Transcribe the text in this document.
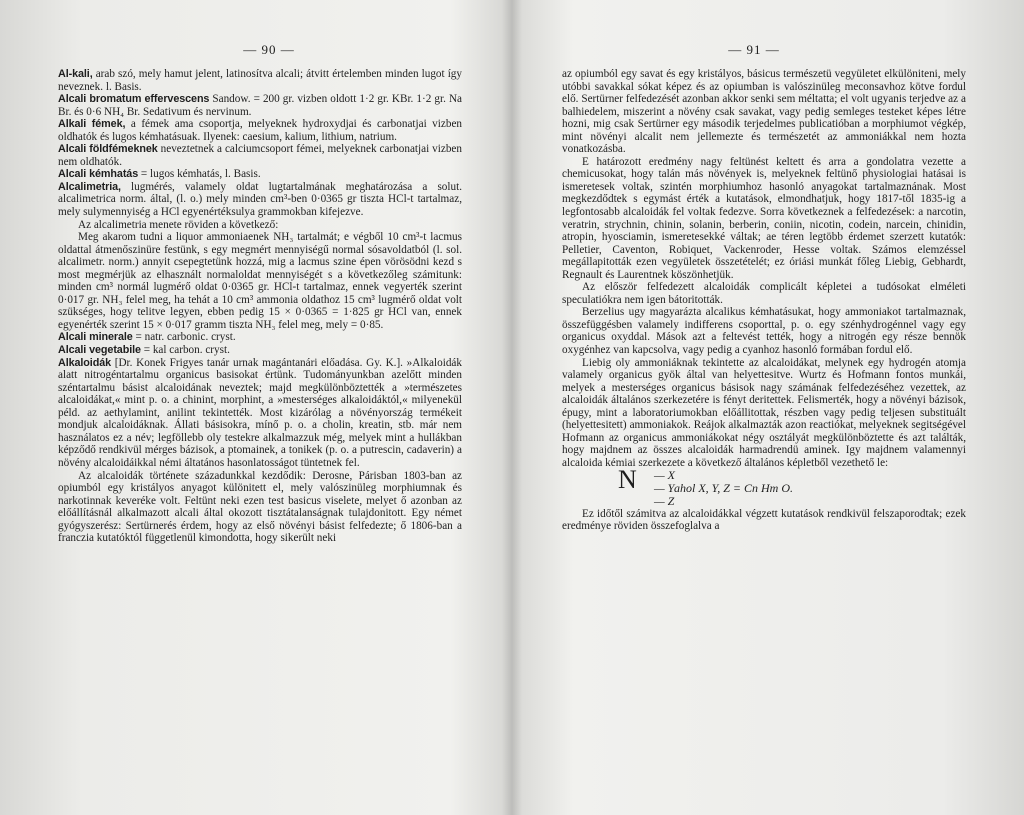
— 90 —

Al-kali, arab szó, mely hamut jelent, latinosítva alcali; átvitt értelemben minden lugot így neveznek. l. Basis.

Alcali bromatum effervescens Sandow. = 200 gr. vizben oldott 1·2 gr. KBr. 1·2 gr. Na Br. és 0·6 NH₄ Br. Sedativum és nervinum.

Alkali fémek, a fémek ama csoportja, melyeknek hydroxydjai és carbonatjai vizben oldhatók és lugos kémhatásuak. Ilyenek: caesium, kalium, lithium, natrium.

Alcali földfémeknek neveztetnek a calciumcsoport fémei, melyeknek carbonatjai vizben nem oldhatók.

Alcali kémhatás = lugos kémhatás, l. Basis.

Alcalimetria, lugmérés, valamely oldat lugtartalmának meghatározása a solut. alcalimetrica norm. által, (l. o.) mely minden cm³-ben 0·0365 gr tiszta HCl-t tartalmaz, mely sulymennyiség a HCl egyenértéksulya grammokban kifejezve.

Az alcalimetria menete röviden a következő:

Meg akarom tudni a liquor ammoniaenek NH₃ tartalmát; e végből 10 cm³-t lacmus oldattal átmenőszinüre festünk, s egy megmért mennyiségű normal sósavoldatból (l. sol. alcalimetr. norm.) annyit csepegtetünk hozzá, mig a lacmus szine épen vörösödni kezd s most megmérjük az elhasznált normaloldat mennyiségét s a következőleg számitunk: minden cm³ normál lugmérő oldat 0·0365 gr. HCl-t tartalmaz, ennek vegyerték szerint 0·017 gr. NH₃ felel meg, ha tehát a 10 cm³ ammonia oldathoz 15 cm³ lugmérő oldat volt szükséges, hogy telitve legyen, ebben pedig 15 × 0·0365 = 1·825 gr HCl van, ennek egyenérték szerint 15 × 0·017 gramm tiszta NH₃ felel meg, mely = 0·85.

Alcali minerale = natr. carbonic. cryst.

Alcali vegetabile = kal carbon. cryst.

Alkaloidák [Dr. Konek Frigyes tanár urnak magántanári előadása. Gy. K.]. »Alkaloidák alatt nitrogéntartalmu organicus basisokat értünk. Tudományunkban azelőtt minden széntartalmu básist alcaloidának neveztek; majd megkülönböztették a »természetes alcaloidákat,« mint p. o. a chinint, morphint, a »mesterséges alkaloidáktól,« milyenekül péld. az aethylamint, anilint tekintették. Most kizárólag a növényország termékeit mondjuk alcaloidáknak. Állati básisokra, mínő p. o. a cholin, kreatin, stb. már nem használatos ez a név; legföllebb oly testekre alkalmazzuk még, melyek mint a hullákban képződő rendkivül mérges bázisok, a ptomainek, a tonikek (p. o. a putrescin, cadaverin) a növény alcaloidáikkal némi áltatános hasonlatosságot tüntetnek fel.

Az alcaloidák története századunkkal kezdődik: Derosne, Párisban 1803-ban az opiumból egy kristályos anyagot különitett el, mely valószinüleg morphiumnak és narkotinnak keveréke volt. Feltünt neki ezen test basicus viselete, melyet ő azonban az előállításnál alkalmazott alcali által okozott tisztátalanságnak tulajdonitott. Egy német gyógyszerész: Sertürnerés érdem, hogy az első növényi básist felfedezte; ő 1806-ban a franczia kutatóktól függetlenül kimondotta, hogy sikerült neki

— 91 —

az opiumból egy savat és egy kristályos, básicus természetü vegyületet elkülöniteni, mely utóbbi savakkal sókat képez és az opiumban is valószinüleg meconsavhoz kötve fordul elő. Sertürner felfedezését azonban akkor senki sem méltatta; el volt ugyanis terjedve az a balhiedelem, miszerint a növény csak savakat, vagy pedig semleges testeket képes létre hozni, mig csak Sertürner egy második terjedelmes publicatióban a morphiumot végkép, mint növényi alcalit nem jellemezte és természetét az ammoniákkal nem hozta vonatkozásba.

E határozott eredmény nagy feltünést keltett és arra a gondolatra vezette a chemicusokat, hogy talán más növények is, melyeknek feltünő physiologiai hatásai is ismeretesek voltak, szintén morphiumhoz hasonló anyagokat tartalmaznának. Most megkezdődtek s egymást érték a kutatások, elmondhatjuk, hogy 1817-től 1835-ig a legfontosabb alcaloidák fel voltak fedezve. Sorra következnek a felfedezések: a narcotin, veratrin, strychnin, chinin, solanin, berberin, coniin, nicotin, codein, narcein, chinidin, atropin, hyosciamin, ismeretesekké váltak; ae téren legtöbb érdemet szerzett kutatók: Pelletier, Caventon, Robiquet, Vackenroder, Hesse voltak. Számos elemzéssel megállapitották ezen vegyületek összetételét; ez óriási munkát főleg Liebig, Gebhardt, Regnault és Laurentnek köszönhetjük.

Az először felfedezett alcaloidák complicált képletei a tudósokat elméleti speculatiókra nem igen bátoritották.

Berzelius ugy magyarázta alcalikus kémhatásukat, hogy ammoniakot tartalmaznak, összefüggésben valamely indifferens csoporttal, p. o. egy szénhydrogénnel vagy egy organicus oxyddal. Mások azt a feltevést tették, hogy a nitrogén egy része bennök oxygénhez van kapcsolva, vagy pedig a cyanhoz hasonló formában fordul elő.

Liebig oly ammoniáknak tekintette az alcaloidákat, melynek egy hydrogén atomja valamely organicus gyök által van helyettesitve. Wurtz és Hofmann fontos munkái, melyek a mesterséges organicus básisok nagy számának felfedezéséhez vezettek, az alcaloidák általános szerkezetére is fényt deritettek. Felismerték, hogy a növényi bázisok, épugy, mint a laboratoriumokban előállitottak, részben vagy pedig teljesen substituált (helyettesitett) ammoniakok. Reájok alkalmazták azon reactiókat, melyeknek segitségével Hofmann az organicus ammoniákokat négy osztályát megkülönböztette és azt találták, hogy majdnem az összes alcaloidák harmadrendü aminek. Igy majdnem valamennyi alcaloida kémiai szerkezete a következő általános képletből vezethető le:

N — X
— Y
— Z
ahol X, Y, Z = Cn Hm O.

Ez időtől számitva az alcaloidákkal végzett kutatások rendkivül felszaporodtak; ezek eredménye röviden összefoglalva a
